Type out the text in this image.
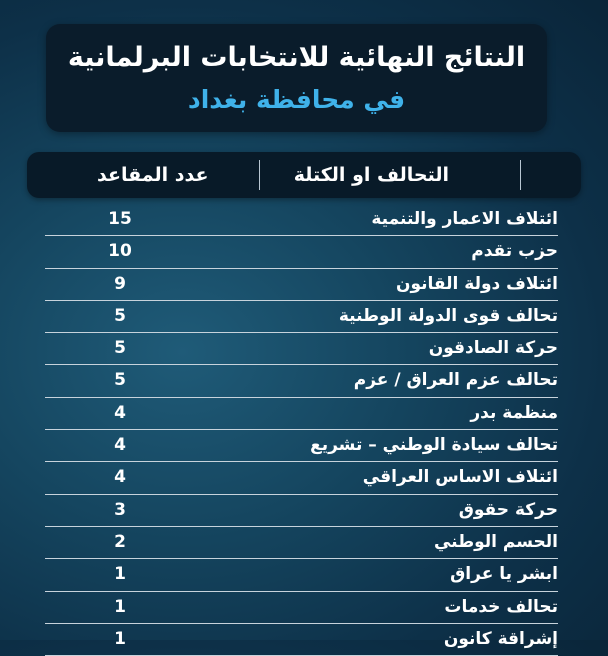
النتائج النهائية للانتخابات البرلمانية
في محافظة بغداد
التحالف او الكتلة
عدد المقاعد
ائتلاف الاعمار والتنمية
15
حزب تقدم
10
ائتلاف دولة القانون
9
تحالف قوى الدولة الوطنية
5
حركة الصادقون
5
تحالف عزم العراق / عزم
5
منظمة بدر
4
تحالف سيادة الوطني – تشريع
4
ائتلاف الاساس العراقي
4
حركة حقوق
3
الحسم الوطني
2
ابشر يا عراق
1
تحالف خدمات
1
إشراقة كانون
1
